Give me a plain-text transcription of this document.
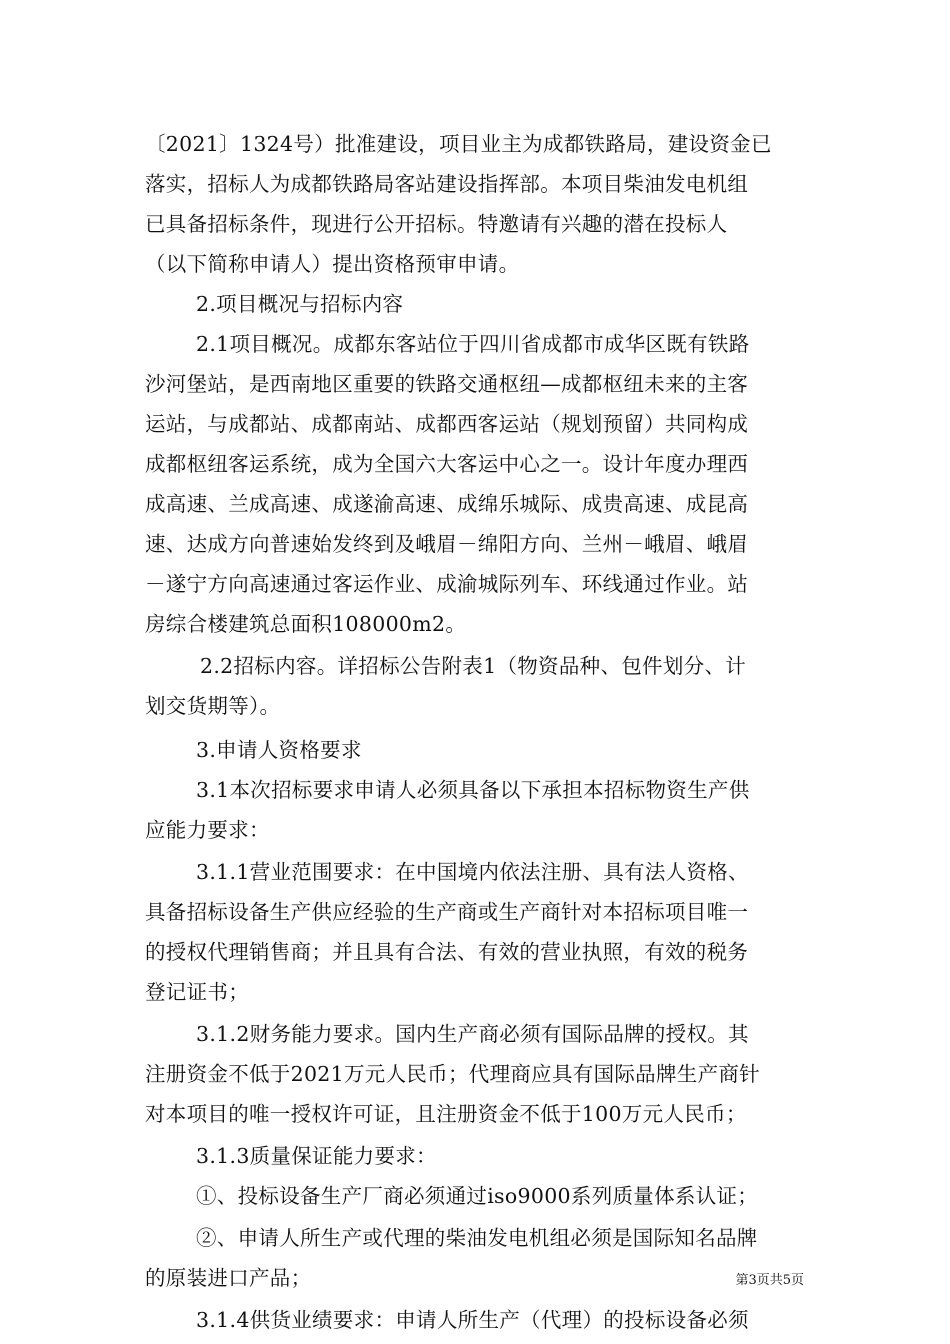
〔2021〕1324号）批准建设，项目业主为成都铁路局，建设资金已
落实，招标人为成都铁路局客站建设指挥部。本项目柴油发电机组
已具备招标条件，现进行公开招标。特邀请有兴趣的潜在投标人
（以下简称申请人）提出资格预审申请。
2.项目概况与招标内容
2.1项目概况。成都东客站位于四川省成都市成华区既有铁路
沙河堡站，是西南地区重要的铁路交通枢纽—成都枢纽未来的主客
运站，与成都站、成都南站、成都西客运站（规划预留）共同构成
成都枢纽客运系统，成为全国六大客运中心之一。设计年度办理西
成高速、兰成高速、成遂渝高速、成绵乐城际、成贵高速、成昆高
速、达成方向普速始发终到及峨眉－绵阳方向、兰州－峨眉、峨眉
－遂宁方向高速通过客运作业、成渝城际列车、环线通过作业。站
房综合楼建筑总面积108000m2。
2.2招标内容。详招标公告附表1（物资品种、包件划分、计
划交货期等）。
3.申请人资格要求
3.1本次招标要求申请人必须具备以下承担本招标物资生产供
应能力要求：
3.1.1营业范围要求：在中国境内依法注册、具有法人资格、
具备招标设备生产供应经验的生产商或生产商针对本招标项目唯一
的授权代理销售商；并且具有合法、有效的营业执照，有效的税务
登记证书；
3.1.2财务能力要求。国内生产商必须有国际品牌的授权。其
注册资金不低于2021万元人民币；代理商应具有国际品牌生产商针
对本项目的唯一授权许可证，且注册资金不低于100万元人民币；
3.1.3质量保证能力要求：
①、投标设备生产厂商必须通过iso9000系列质量体系认证；
②、申请人所生产或代理的柴油发电机组必须是国际知名品牌
的原装进口产品；
3.1.4供货业绩要求：申请人所生产（代理）的投标设备必须
第3页共5页
